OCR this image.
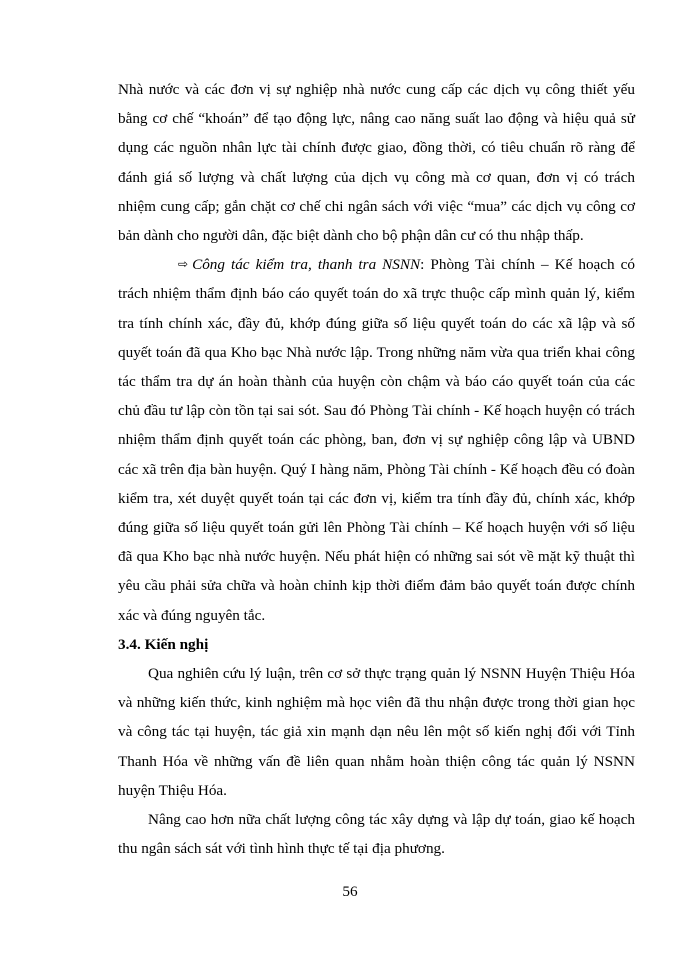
Nhà nước và các đơn vị sự nghiệp nhà nước cung cấp các dịch vụ công thiết yếu bằng cơ chế “khoán” để tạo động lực, nâng cao năng suất lao động và hiệu quả sử dụng các nguồn nhân lực tài chính được giao, đồng thời, có tiêu chuẩn rõ ràng để đánh giá số lượng và chất lượng của dịch vụ công mà cơ quan, đơn vị có trách nhiệm cung cấp; gắn chặt cơ chế chi ngân sách với việc “mua” các dịch vụ công cơ bản dành cho người dân, đặc biệt dành cho bộ phận dân cư có thu nhập thấp.

⇨ Công tác kiểm tra, thanh tra NSNN: Phòng Tài chính – Kế hoạch có trách nhiệm thẩm định báo cáo quyết toán do xã trực thuộc cấp mình quản lý, kiểm tra tính chính xác, đầy đủ, khớp đúng giữa số liệu quyết toán do các xã lập và số quyết toán đã qua Kho bạc Nhà nước lập. Trong những năm vừa qua triển khai công tác thẩm tra dự án hoàn thành của huyện còn chậm và báo cáo quyết toán của các chủ đầu tư lập còn tồn tại sai sót. Sau đó Phòng Tài chính - Kế hoạch huyện có trách nhiệm thẩm định quyết toán các phòng, ban, đơn vị sự nghiệp công lập và UBND các xã trên địa bàn huyện. Quý I hàng năm, Phòng Tài chính - Kế hoạch đều có đoàn kiểm tra, xét duyệt quyết toán tại các đơn vị, kiểm tra tính đầy đủ, chính xác, khớp đúng giữa số liệu quyết toán gửi lên Phòng Tài chính – Kế hoạch huyện với số liệu đã qua Kho bạc nhà nước huyện. Nếu phát hiện có những sai sót về mặt kỹ thuật thì yêu cầu phải sửa chữa và hoàn chỉnh kịp thời điểm đảm bảo quyết toán được chính xác và đúng nguyên tắc.

3.4. Kiến nghị

Qua nghiên cứu lý luận, trên cơ sở thực trạng quản lý NSNN Huyện Thiệu Hóa và những kiến thức, kinh nghiệm mà học viên đã thu nhận được trong thời gian học và công tác tại huyện, tác giả xin mạnh dạn nêu lên một số kiến nghị đối với Tỉnh Thanh Hóa về những vấn đề liên quan nhằm hoàn thiện công tác quản lý NSNN huyện Thiệu Hóa.

Nâng cao hơn nữa chất lượng công tác xây dựng và lập dự toán, giao kế hoạch thu ngân sách sát với tình hình thực tế tại địa phương.

56
